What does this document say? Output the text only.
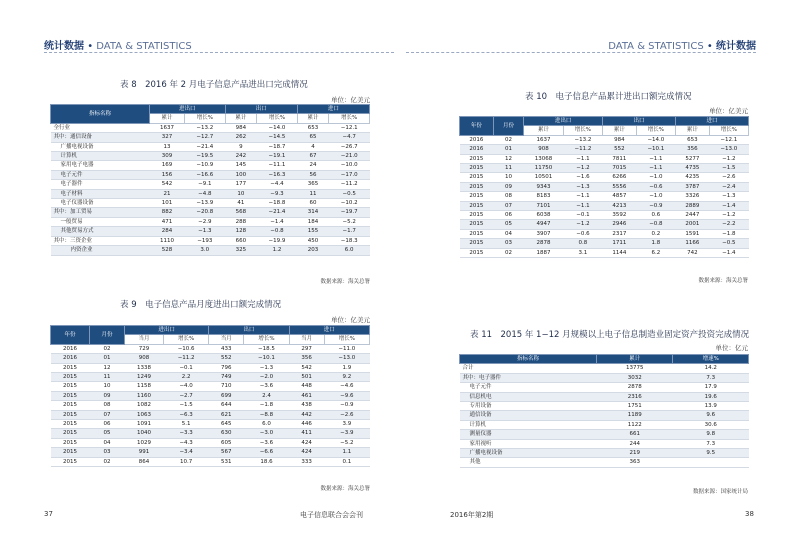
统计数据 • DATA & STATISTICS	DATA & STATISTICS • 统计数据
表 8　2016 年 2 月电子信息产品进出口完成情况
单位：亿美元
指标名称	进出口		出口		进口	
	累计	增长%	累计	增长%	累计	增长%
全行业	1637	−13.2	984	−14.0	653	−12.1
其中：通信设备	327	−12.7	262	−14.5	65	−4.7
广播电视设备	13	−21.4	9	−18.7	4	−26.7
计算机	309	−19.5	242	−19.1	67	−21.0
家用电子电器	169	−10.9	145	−11.1	24	−10.0
电子元件	156	−16.6	100	−16.3	56	−17.0
电子器件	542	−9.1	177	−4.4	365	−11.2
电子材料	21	−4.8	10	−9.3	11	−0.5
电子仪器设备	101	−13.9	41	−18.8	60	−10.2
其中：加工贸易	882	−20.8	568	−21.4	314	−19.7
一般贸易	471	−2.9	288	−1.4	184	−5.2
其他贸易方式	284	−1.3	128	−0.8	155	−1.7
其中：三资企业	1110	−193	660	−19.9	450	−18.3
内资企业	528	3.0	325	1.2	203	6.0
数据来源：海关总署
表 9　电子信息产品月度进出口额完成情况
单位：亿美元
年份	月份	进出口		出口		进口	
		当月	增长%	当月	增长%	当月	增长%
2016	02	729	−10.6	433	−18.5	297	−11.0
2016	01	908	−11.2	552	−10.1	356	−13.0
2015	12	1338	−0.1	796	−1.3	542	1.9
2015	11	1249	2.2	749	−2.0	501	9.2
2015	10	1158	−4.0	710	−3.6	448	−4.6
2015	09	1160	−2.7	699	2.4	461	−9.6
2015	08	1082	−1.5	644	−1.8	438	−0.9
2015	07	1063	−6.3	621	−8.8	442	−2.6
2015	06	1091	5.1	645	6.0	446	3.9
2015	05	1040	−3.3	630	−3.0	411	−3.9
2015	04	1029	−4.3	605	−3.6	424	−5.2
2015	03	991	−3.4	567	−6.6	424	1.1
2015	02	864	10.7	531	18.6	333	0.1
数据来源：海关总署
表 10　电子信息产品累计进出口额完成情况
单位：亿美元
年份	月份	进出口		出口		进口	
		累计	增长%	累计	增长%	累计	增长%
2016	02	1637	−13.2	984	−14.0	653	−12.1
2016	01	908	−11.2	552	−10.1	356	−13.0
2015	12	13068	−1.1	7811	−1.1	5277	−1.2
2015	11	11750	−1.2	7015	−1.1	4735	−1.5
2015	10	10501	−1.6	6266	−1.0	4235	−2.6
2015	09	9343	−1.3	5556	−0.6	3787	−2.4
2015	08	8183	−1.1	4857	−1.0	3326	−1.3
2015	07	7101	−1.1	4213	−0.9	2889	−1.4
2015	06	6038	−0.1	3592	0.6	2447	−1.2
2015	05	4947	−1.2	2946	−0.8	2001	−2.2
2015	04	3907	−0.6	2317	0.2	1591	−1.8
2015	03	2878	0.8	1711	1.8	1166	−0.5
2015	02	1887	3.1	1144	6.2	742	−1.4
数据来源：海关总署
表 11　2015 年 1−12 月规模以上电子信息制造业固定资产投资完成情况
单位：亿元
指标名称	累计	增速%
合计	13775	14.2
其中：电子器件	3032	7.3
电子元件	2878	17.9
信息机电	2316	19.6
专用设备	1751	13.9
通信设备	1189	9.6
计算机	1122	30.6
测量仪器	661	9.8
家用视听	244	7.3
广播电视设备	219	9.5
其他	363	
数据来源：国家统计局
37	电子信息联合会会刊	2016年第2期	38
